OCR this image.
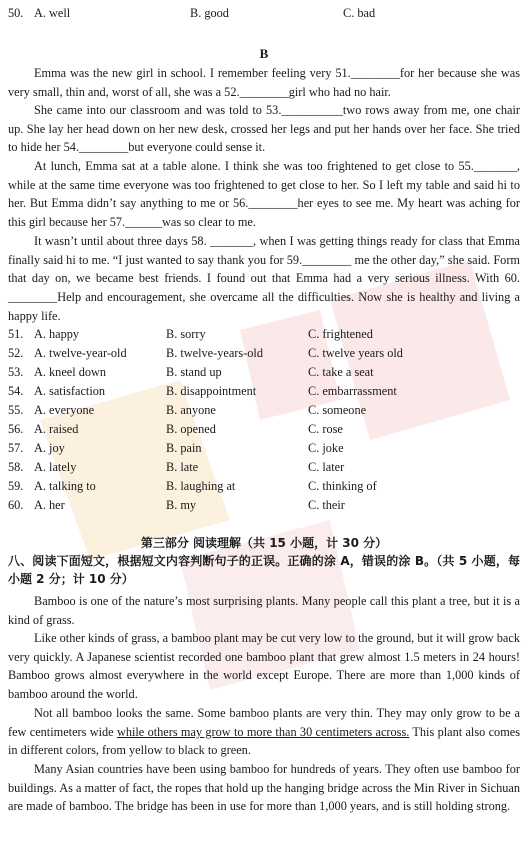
50. A. well	B. good	C. bad
B
Emma was the new girl in school. I remember feeling very 51.________for her because she was very small, thin and, worst of all, she was a 52.________girl who had no hair.
She came into our classroom and was told to 53.__________two rows away from me, one chair up. She lay her head down on her new desk, crossed her legs and put her hands over her face. She tried to hide her 54.________but everyone could sense it.
At lunch, Emma sat at a table alone. I think she was too frightened to get close to 55._______, while at the same time everyone was too frightened to get close to her. So I left my table and said hi to her. But Emma didn’t say anything to me or 56.________her eyes to see me. My heart was aching for this girl because her 57.______was so clear to me.
It wasn’t until about three days 58. _______, when I was getting things ready for class that Emma finally said hi to me. “I just wanted to say thank you for 59.________ me the other day,” she said. Form that day on, we became best friends. I found out that Emma had a very serious illness. With 60. ________Help and encouragement, she overcame all the difficulties. Now she is healthy and living a happy life.
51. A. happy	B. sorry	C. frightened
52. A. twelve-year-old	B. twelve-years-old	C. twelve years old
53. A. kneel down	B. stand up	C. take a seat
54. A. satisfaction	B. disappointment	C. embarrassment
55. A. everyone	B. anyone	C. someone
56. A. raised	B. opened	C. rose
57. A. joy	B. pain	C. joke
58. A. lately	B. late	C. later
59. A. talking to	B. laughing at	C. thinking of
60. A. her	B. my	C. their
第三部分 阅读理解（共 15 小题，计 30 分）
八、阅读下面短文，根据短文内容判断句子的正误。正确的涂 A，错误的涂 B。（共 5 小题，每小题 2 分；计 10 分）
Bamboo is one of the nature’s most surprising plants. Many people call this plant a tree, but it is a kind of grass.
Like other kinds of grass, a bamboo plant may be cut very low to the ground, but it will grow back very quickly. A Japanese scientist recorded one bamboo plant that grew almost 1.5 meters in 24 hours! Bamboo grows almost everywhere in the world except Europe. There are more than 1,000 kinds of bamboo around the world.
Not all bamboo looks the same. Some bamboo plants are very thin. They may only grow to be a few centimeters wide while others may grow to more than 30 centimeters across. This plant also comes in different colors, from yellow to black to green.
Many Asian countries have been using bamboo for hundreds of years. They often use bamboo for buildings. As a matter of fact, the ropes that hold up the hanging bridge across the Min River in Sichuan are made of bamboo. The bridge has been in use for more than 1,000 years, and is still holding strong.
